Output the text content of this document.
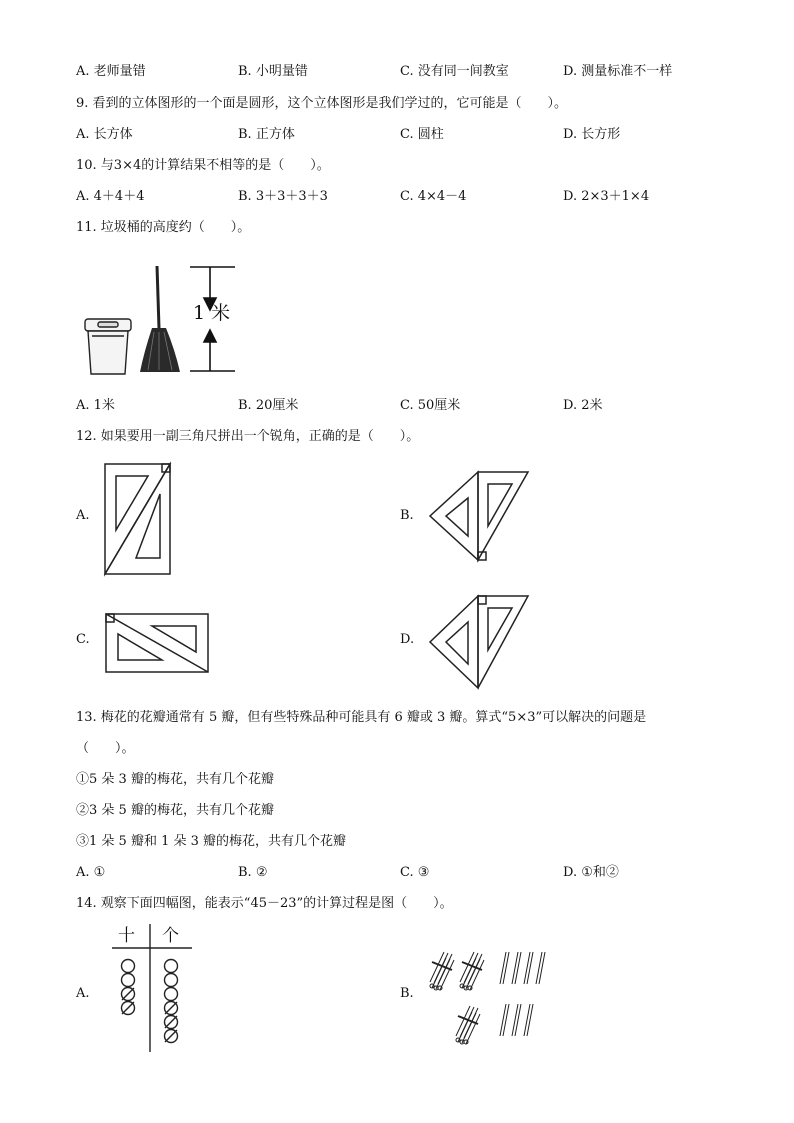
A. 老师量错	B. 小明量错	C. 没有同一间教室	D. 测量标准不一样
9. 看到的立体图形的一个面是圆形，这个立体图形是我们学过的，它可能是（　　）。
A. 长方体	B. 正方体	C. 圆柱	D. 长方形
10. 与3×4的计算结果不相等的是（　　）。
A. 4＋4＋4	B. 3＋3＋3＋3	C. 4×4－4	D. 2×3＋1×4
11. 垃圾桶的高度约（　　）。
1 米
A. 1米	B. 20厘米	C. 50厘米	D. 2米
12. 如果要用一副三角尺拼出一个锐角，正确的是（　　）。
A.	B.
C.	D.
13. 梅花的花瓣通常有 5 瓣，但有些特殊品种可能具有 6 瓣或 3 瓣。算式“5×3”可以解决的问题是
（　　）。
①5 朵 3 瓣的梅花，共有几个花瓣
②3 朵 5 瓣的梅花，共有几个花瓣
③1 朵 5 瓣和 1 朵 3 瓣的梅花，共有几个花瓣
A. ①	B. ②	C. ③	D. ①和②
14. 观察下面四幅图，能表示“45－23”的计算过程是图（　　）。
A.
十 个
B.
